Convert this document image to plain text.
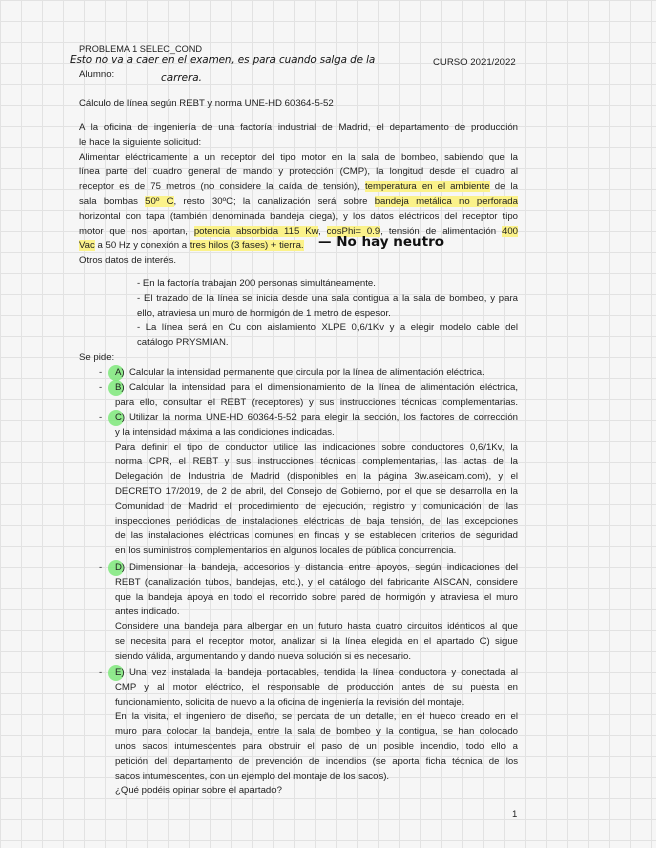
PROBLEMA 1 SELEC_COND
CURSO 2021/2022
Esto no va a caer en el examen, es para cuando salga de la
Alumno:	carrera.
Cálculo de línea según REBT y norma UNE-HD 60364-5-52
A la oficina de ingeniería de una factoría industrial de Madrid, el departamento de producción
le hace la siguiente solicitud:
Alimentar eléctricamente a un receptor del tipo motor en la sala de bombeo, sabiendo que la
línea parte del cuadro general de mando y protección (CMP), la longitud desde el cuadro al
receptor es de 75 metros (no considere la caída de tensión), temperatura en el ambiente de la
sala bombas 50º C, resto 30ºC; la canalización será sobre bandeja metálica no perforada
horizontal con tapa (también denominada bandeja ciega), y los datos eléctricos del receptor tipo
motor que nos aportan, potencia absorbida 115 Kw, cosPhi= 0.9, tensión de alimentación 400
Vac a 50 Hz y conexión a tres hilos (3 fases) + tierra. — No hay neutro
Otros datos de interés.
- En la factoría trabajan 200 personas simultáneamente.
- El trazado de la línea se inicia desde una sala contigua a la sala de bombeo, y para
ello, atraviesa un muro de hormigón de 1 metro de espesor.
- La línea será en Cu con aislamiento XLPE 0,6/1Kv y a elegir modelo cable del
catálogo PRYSMIAN.
Se pide:
- A) Calcular la intensidad permanente que circula por la línea de alimentación eléctrica.
- B) Calcular la intensidad para el dimensionamiento de la línea de alimentación eléctrica,
para ello, consultar el REBT (receptores) y sus instrucciones técnicas complementarias.
- C) Utilizar la norma UNE-HD 60364-5-52 para elegir la sección, los factores de corrección
y la intensidad máxima a las condiciones indicadas.
Para definir el tipo de conductor utilice las indicaciones sobre conductores 0,6/1Kv, la
norma CPR, el REBT y sus instrucciones técnicas complementarias, las actas de la
Delegación de Industria de Madrid (disponibles en la página 3w.aseicam.com), y el
DECRETO 17/2019, de 2 de abril, del Consejo de Gobierno, por el que se desarrolla en la
Comunidad de Madrid el procedimiento de ejecución, registro y comunicación de las
inspecciones periódicas de instalaciones eléctricas de baja tensión, de las excepciones
de las instalaciones eléctricas comunes en fincas y se establecen criterios de seguridad
en los suministros complementarios en algunos locales de pública concurrencia.
- D) Dimensionar la bandeja, accesorios y distancia entre apoyos, según indicaciones del
REBT (canalización tubos, bandejas, etc.), y el catálogo del fabricante AISCAN, considere
que la bandeja apoya en todo el recorrido sobre pared de hormigón y atraviesa el muro
antes indicado.
Considere una bandeja para albergar en un futuro hasta cuatro circuitos idénticos al que
se necesita para el receptor motor, analizar si la línea elegida en el apartado C) sigue
siendo válida, argumentando y dando nueva solución si es necesario.
- E) Una vez instalada la bandeja portacables, tendida la línea conductora y conectada al
CMP y al motor eléctrico, el responsable de producción antes de su puesta en
funcionamiento, solicita de nuevo a la oficina de ingeniería la revisión del montaje.
En la visita, el ingeniero de diseño, se percata de un detalle, en el hueco creado en el
muro para colocar la bandeja, entre la sala de bombeo y la contigua, se han colocado
unos sacos intumescentes para obstruir el paso de un posible incendio, todo ello a
petición del departamento de prevención de incendios (se aporta ficha técnica de los
sacos intumescentes, con un ejemplo del montaje de los sacos).
¿Qué podéis opinar sobre el apartado?
1
